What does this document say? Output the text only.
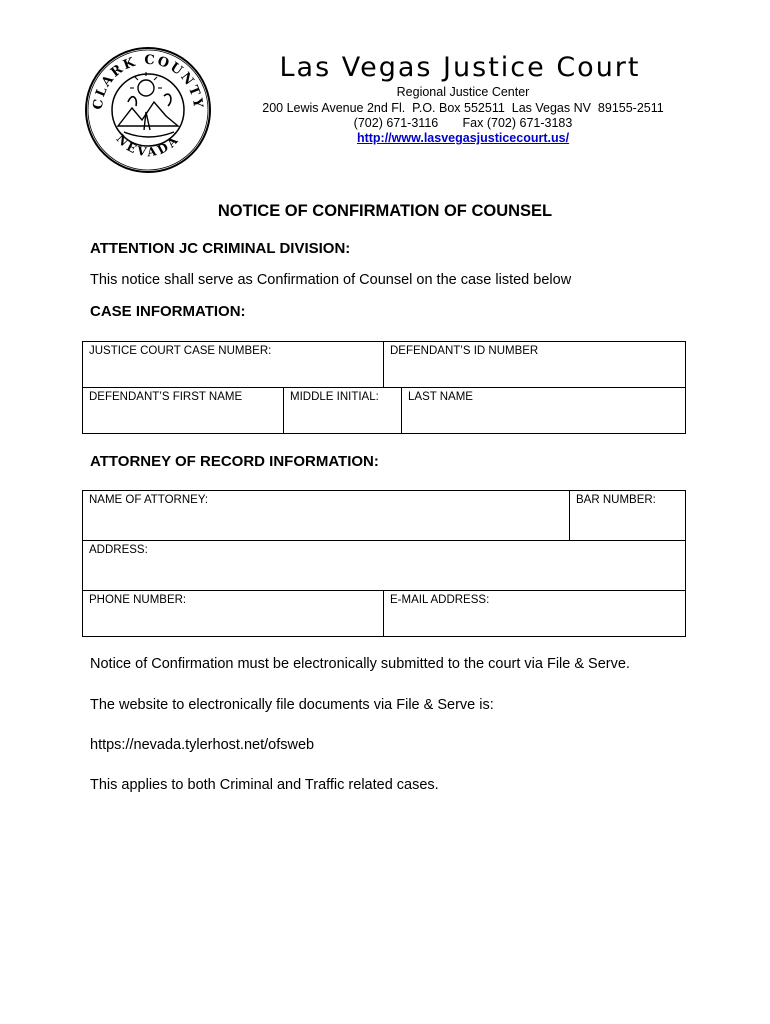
CLARK COUNTY
NEVADA
Las Vegas Justice Court
Regional Justice Center
200 Lewis Avenue 2nd Fl.  P.O. Box 552511  Las Vegas NV  89155-2511
(702) 671-3116       Fax (702) 671-3183
http://www.lasvegasjusticecourt.us/
NOTICE OF CONFIRMATION OF COUNSEL
ATTENTION JC CRIMINAL DIVISION:
This notice shall serve as Confirmation of Counsel on the case listed below
CASE INFORMATION:
JUSTICE COURT CASE NUMBER:	DEFENDANT’S ID NUMBER
DEFENDANT’S FIRST NAME	MIDDLE INITIAL:	LAST NAME
ATTORNEY OF RECORD INFORMATION:
NAME OF ATTORNEY:	BAR NUMBER:
ADDRESS:
PHONE NUMBER:	E-MAIL ADDRESS:
Notice of Confirmation must be electronically submitted to the court via File & Serve.
The website to electronically file documents via File & Serve is:
https://nevada.tylerhost.net/ofsweb
This applies to both Criminal and Traffic related cases.
